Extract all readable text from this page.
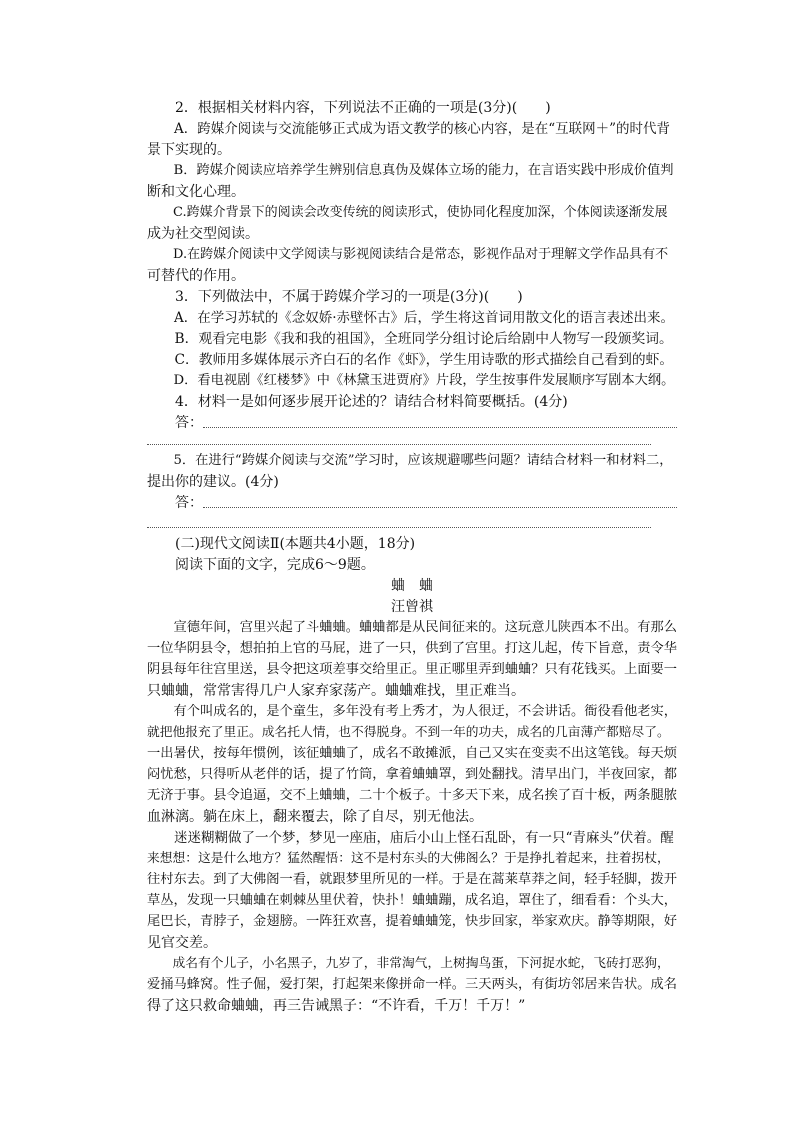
　　2．根据相关材料内容，下列说法不正确的一项是(3分)(　　)
　　A．跨媒介阅读与交流能够正式成为语文教学的核心内容，是在“互联网＋”的时代背
景下实现的。
　　B．跨媒介阅读应培养学生辨别信息真伪及媒体立场的能力，在言语实践中形成价值判
断和文化心理。
　　C.跨媒介背景下的阅读会改变传统的阅读形式，使协同化程度加深，个体阅读逐渐发展
成为社交型阅读。
　　D.在跨媒介阅读中文学阅读与影视阅读结合是常态，影视作品对于理解文学作品具有不
可替代的作用。
　　3．下列做法中，不属于跨媒介学习的一项是(3分)(　　)
　　A．在学习苏轼的《念奴娇·赤壁怀古》后，学生将这首词用散文化的语言表述出来。
　　B．观看完电影《我和我的祖国》，全班同学分组讨论后给剧中人物写一段颁奖词。
　　C．教师用多媒体展示齐白石的名作《虾》，学生用诗歌的形式描绘自己看到的虾。
　　D．看电视剧《红楼梦》中《林黛玉进贾府》片段，学生按事件发展顺序写剧本大纲。
　　4．材料一是如何逐步展开论述的？请结合材料简要概括。(4分)
　　答：
　　5．在进行“跨媒介阅读与交流”学习时，应该规避哪些问题？请结合材料一和材料二，
提出你的建议。(4分)
　　答：
　　(二)现代文阅读Ⅱ(本题共4小题，18分)
　　阅读下面的文字，完成6～9题。
蛐　蛐
汪曾祺
　　宣德年间，宫里兴起了斗蛐蛐。蛐蛐都是从民间征来的。这玩意儿陕西本不出。有那么
一位华阴县令，想拍拍上官的马屁，进了一只，供到了宫里。打这儿起，传下旨意，责令华
阴县每年往宫里送，县令把这项差事交给里正。里正哪里弄到蛐蛐？只有花钱买。上面要一
只蛐蛐，常常害得几户人家弃家荡产。蛐蛐难找，里正难当。
　　有个叫成名的，是个童生，多年没有考上秀才，为人很迂，不会讲话。衙役看他老实，
就把他报充了里正。成名托人情，也不得脱身。不到一年的功夫，成名的几亩薄产都赔尽了。
一出暑伏，按每年惯例，该征蛐蛐了，成名不敢摊派，自己又实在变卖不出这笔钱。每天烦
闷忧愁，只得听从老伴的话，提了竹筒，拿着蛐蛐罩，到处翻找。清早出门，半夜回家，都
无济于事。县令追逼，交不上蛐蛐，二十个板子。十多天下来，成名挨了百十板，两条腿脓
血淋漓。躺在床上，翻来覆去，除了自尽，别无他法。
　　迷迷糊糊做了一个梦，梦见一座庙，庙后小山上怪石乱卧，有一只“青麻头”伏着。醒
来想想：这是什么地方？猛然醒悟：这不是村东头的大佛阁么？于是挣扎着起来，拄着拐杖，
往村东去。到了大佛阁一看，就跟梦里所见的一样。于是在蒿莱草莽之间，轻手轻脚，拨开
草丛，发现一只蛐蛐在刺棘丛里伏着，快扑！蛐蛐蹦，成名追，罩住了，细看看：个头大，
尾巴长，青脖子，金翅膀。一阵狂欢喜，提着蛐蛐笼，快步回家，举家欢庆。静等期限，好
见官交差。
　　成名有个儿子，小名黑子，九岁了，非常淘气，上树掏鸟蛋，下河捉水蛇，飞砖打恶狗，
爱捅马蜂窝。性子倔，爱打架，打起架来像拼命一样。三天两头，有街坊邻居来告状。成名
得了这只救命蛐蛐，再三告诫黑子：“不许看，千万！千万！”
